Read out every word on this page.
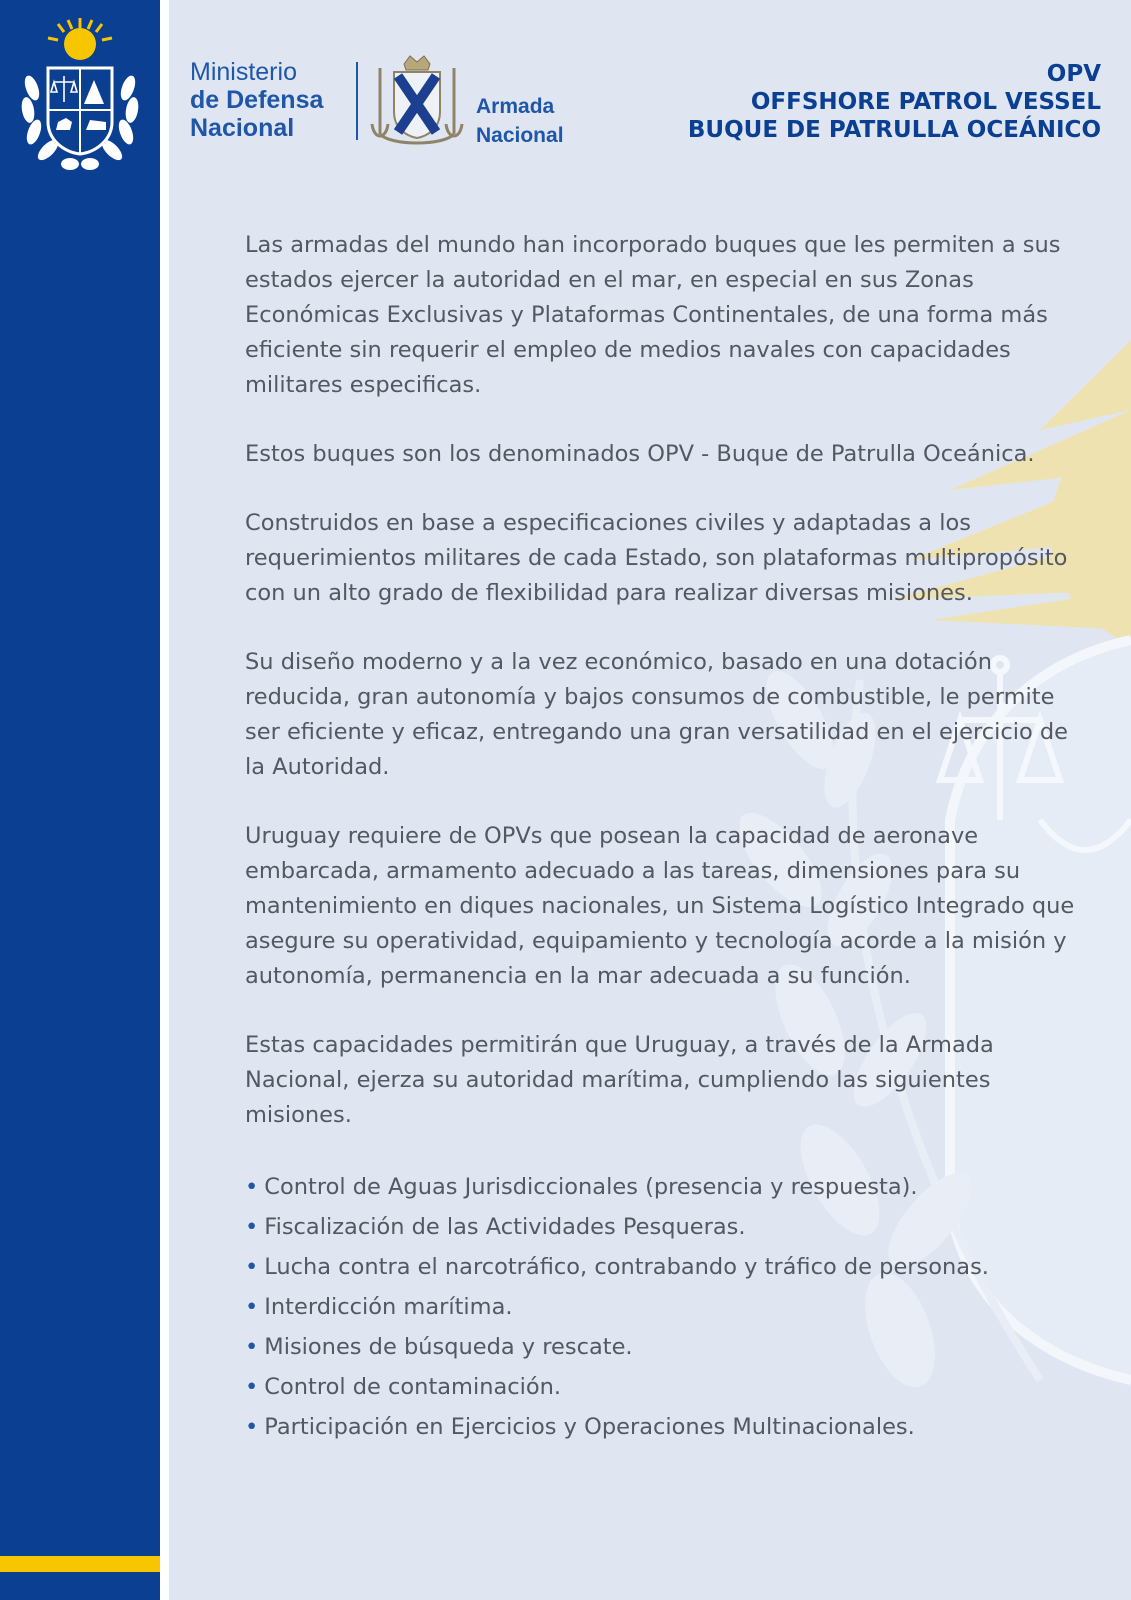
Ministerio
de Defensa
Nacional
Armada
Nacional
OPV
OFFSHORE PATROL VESSEL
BUQUE DE PATRULLA OCEÁNICO

Las armadas del mundo han incorporado buques que les permiten a sus estados ejercer la autoridad en el mar, en especial en sus Zonas Económicas Exclusivas y Plataformas Continentales, de una forma más eficiente sin requerir el empleo de medios navales con capacidades militares especificas.

Estos buques son los denominados OPV - Buque de Patrulla Oceánica.

Construidos en base a especificaciones civiles y adaptadas a los requerimientos militares de cada Estado, son plataformas multipropósito con un alto grado de flexibilidad para realizar diversas misiones.

Su diseño moderno y a la vez económico, basado en una dotación reducida, gran autonomía y bajos consumos de combustible, le permite ser eficiente y eficaz, entregando una gran versatilidad en el ejercicio de la Autoridad.

Uruguay requiere de OPVs que posean la capacidad de aeronave embarcada, armamento adecuado a las tareas, dimensiones para su mantenimiento en diques nacionales, un Sistema Logístico Integrado que asegure su operatividad, equipamiento y tecnología acorde a la misión y autonomía, permanencia en la mar adecuada a su función.

Estas capacidades permitirán que Uruguay, a través de la Armada Nacional, ejerza su autoridad marítima, cumpliendo las siguientes misiones.

• Control de Aguas Jurisdiccionales (presencia y respuesta).
• Fiscalización de las Actividades Pesqueras.
• Lucha contra el narcotráfico, contrabando y tráfico de personas.
• Interdicción marítima.
• Misiones de búsqueda y rescate.
• Control de contaminación.
• Participación en Ejercicios y Operaciones Multinacionales.
